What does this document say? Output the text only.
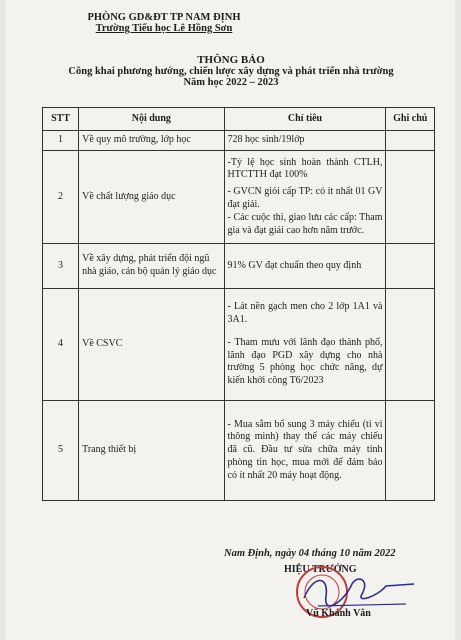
PHÒNG GD&ĐT TP NAM ĐỊNH
Trường Tiểu học Lê Hồng Sơn
THÔNG BÁO
Công khai phương hướng, chiến lược xây dựng và phát triển nhà trường
Năm học 2022 – 2023
STT	Nội dung	Chỉ tiêu	Ghi chú
1	Về quy mô trường, lớp học	728 học sinh/19lớp	

2	Về chất lượng giáo dục	-Tỷ lệ học sinh hoàn thành CTLH, HTCTTH đạt 100%
- GVCN giỏi cấp TP: có ít nhất 01 GV đạt giải.
- Các cuộc thi, giao lưu các cấp: Tham gia và đạt giải cao hơn năm trước.	

3	Về xây dựng, phát triển đội ngũ nhà giáo, cán bộ quản lý giáo dục	91% GV đạt chuẩn theo quy định	

4	Về CSVC	- Lát nền gạch men cho 2 lớp 1A1 và 3A1.
- Tham mưu với lãnh đạo thành phố, lãnh đạo PGD xây dựng cho nhà trường 5 phòng học chức năng, dự kiến khởi công T6/2023	

5	Trang thiết bị	- Mua sắm bổ sung 3 máy chiếu (ti vi thông minh) thay thế các máy chiếu đã cũ. Đầu tư sửa chữa máy tính phòng tin học, mua mới để đảm bảo có ít nhất 20 máy hoạt động.	

Nam Định, ngày 04 tháng 10 năm 2022
HIỆU TRƯỞNG
Vũ Khánh Vân
